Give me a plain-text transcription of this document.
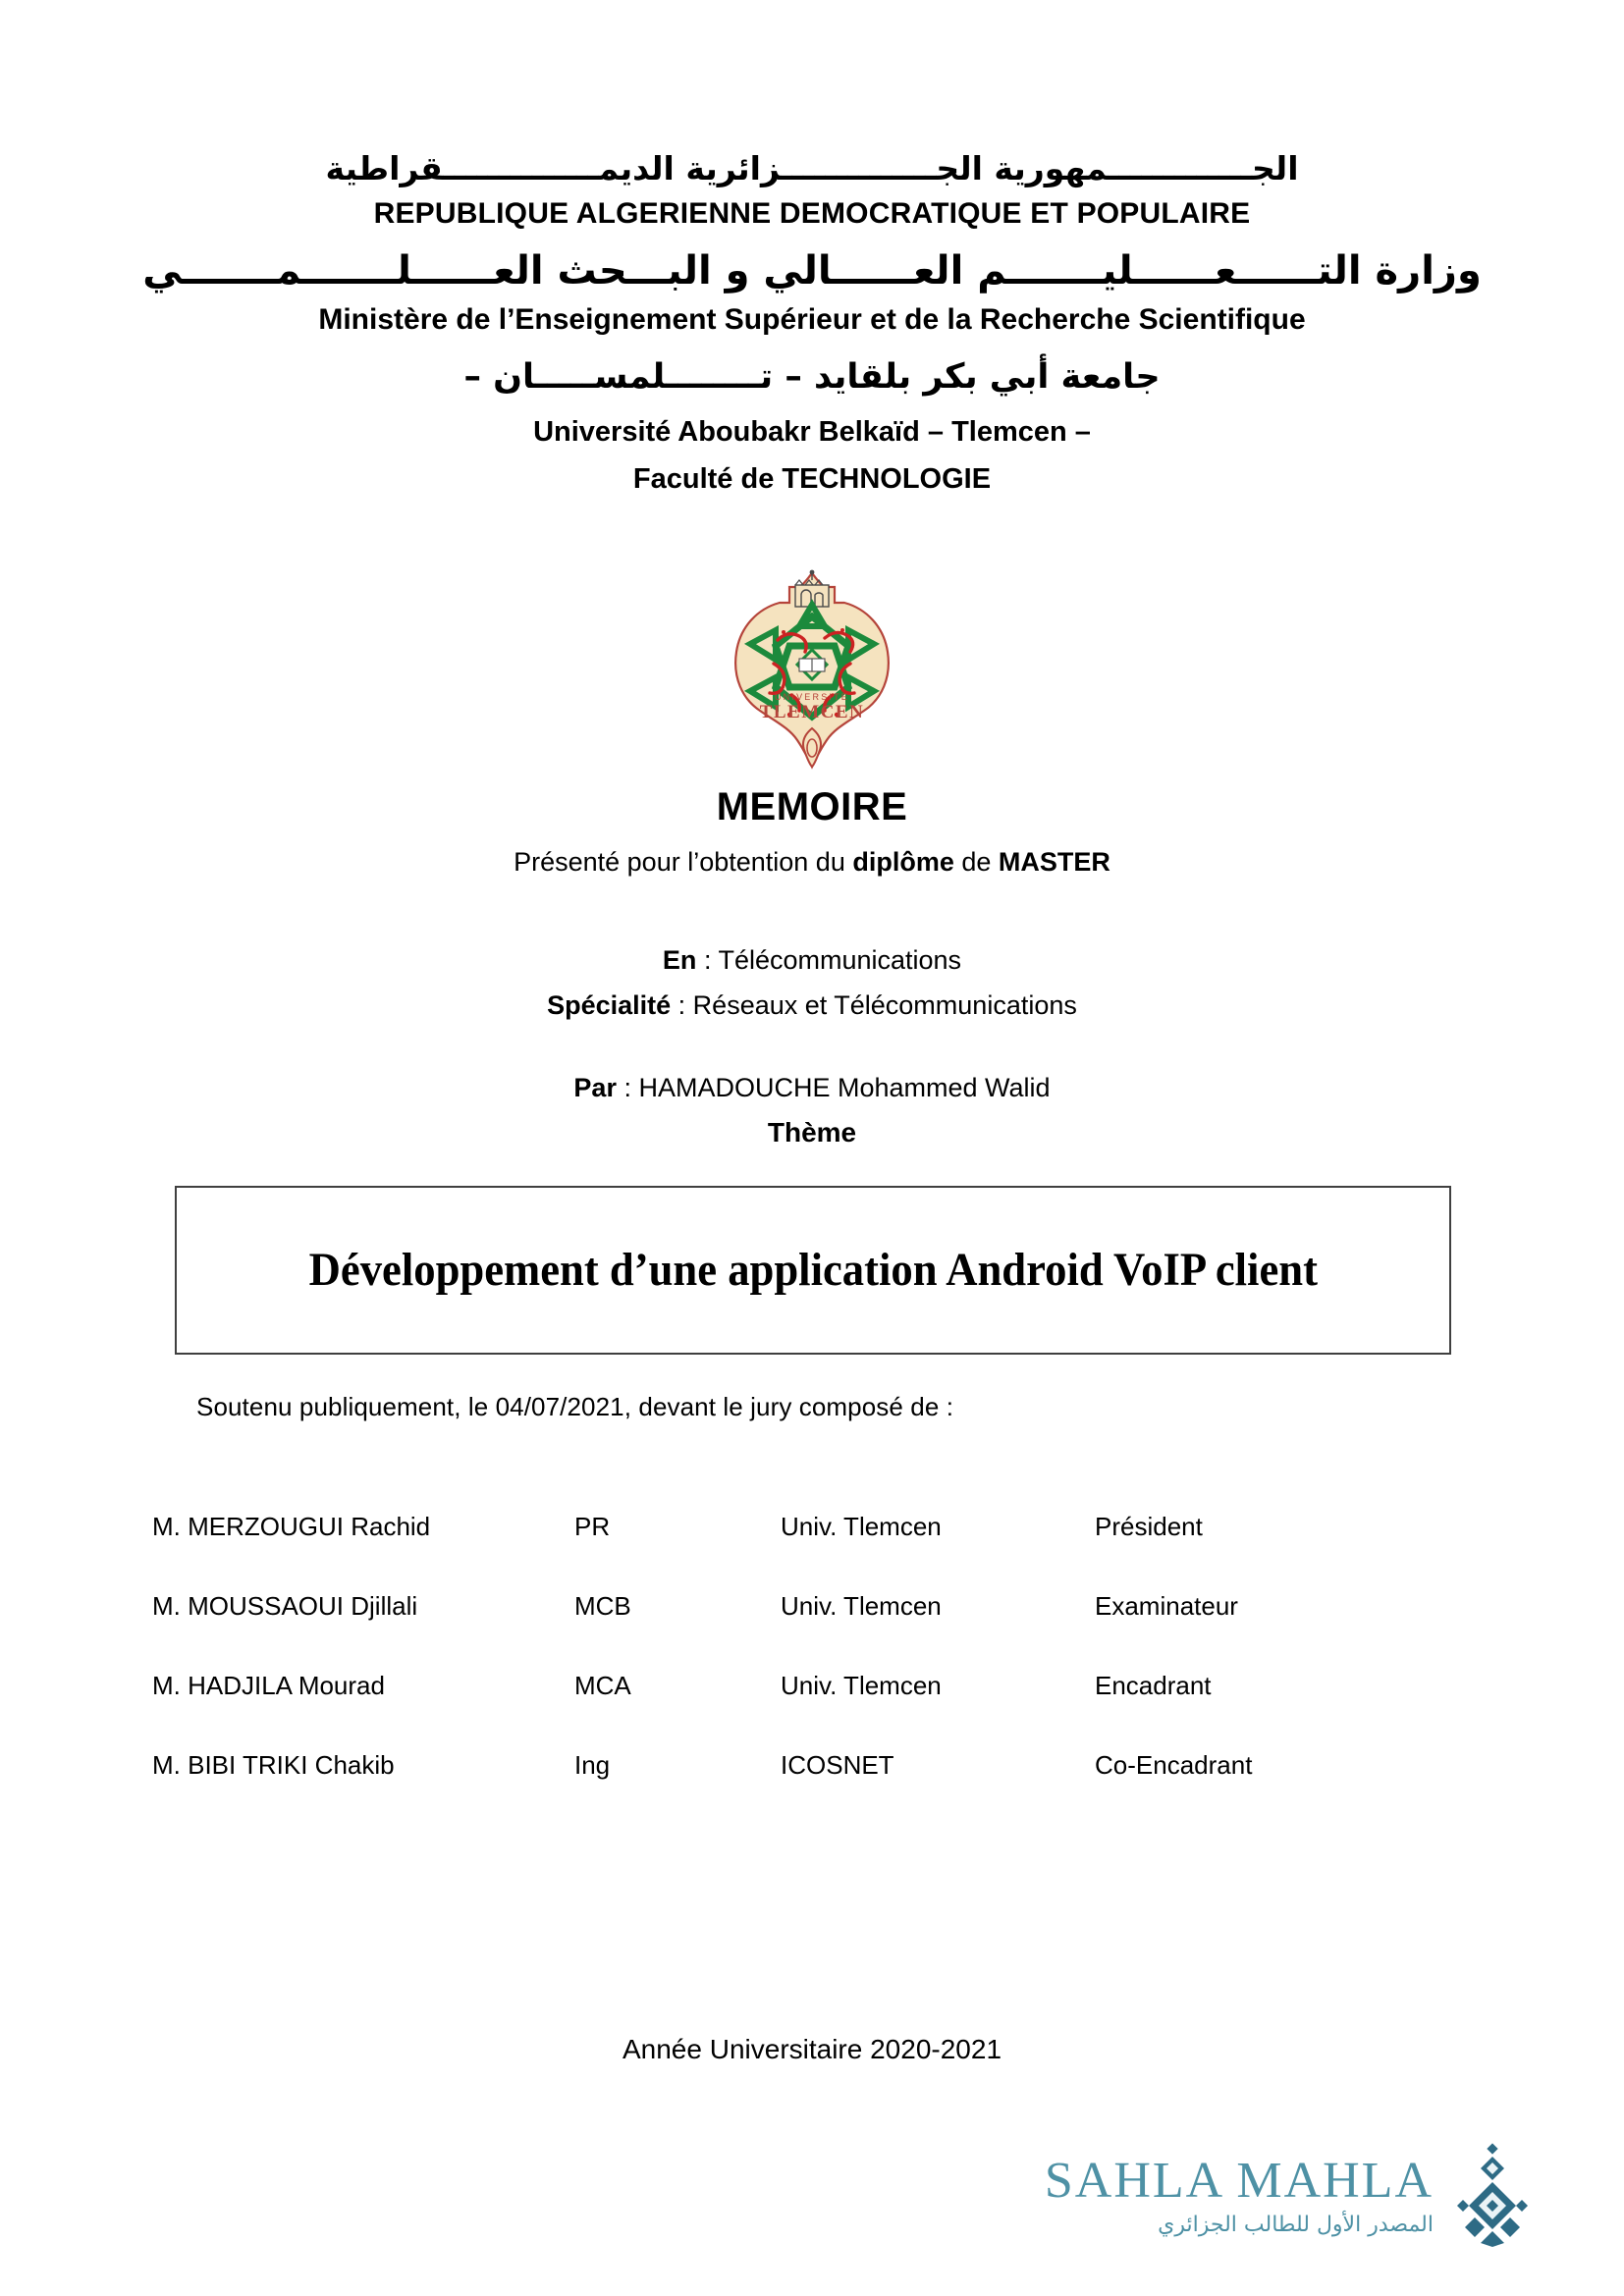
الجـــــــــــــمهورية الجــــــــــــــزائرية الديمــــــــــــــقراطية

REPUBLIQUE ALGERIENNE DEMOCRATIQUE ET POPULAIRE

وزارة التــــــعــــــليـــــــم العــــــالي و البـــحث العــــــلـــــــمـــــــي

Ministère de l’Enseignement Supérieur et de la Recherche Scientifique

جامعة أبي بكر بلقايد – تــــــــلمســـــان –

Université Aboubakr Belkaïd – Tlemcen –

Faculté de TECHNOLOGIE

UNIVERSITE
TLEMCEN

MEMOIRE

Présenté pour l’obtention du diplôme de MASTER

En : Télécommunications

Spécialité : Réseaux et Télécommunications

Par : HAMADOUCHE Mohammed Walid

Thème

Développement d’une application Android VoIP client

Soutenu publiquement, le 04/07/2021, devant le jury composé de :
M. MERZOUGUI Rachid	PR	Univ. Tlemcen	Président
M. MOUSSAOUI Djillali	MCB	Univ. Tlemcen	Examinateur
M. HADJILA Mourad	MCA	Univ. Tlemcen	Encadrant
M. BIBI TRIKI Chakib	Ing	ICOSNET	Co-Encadrant
Année Universitaire 2020-2021

SAHLA MAHLA

المصدر الأول للطالب الجزائري
